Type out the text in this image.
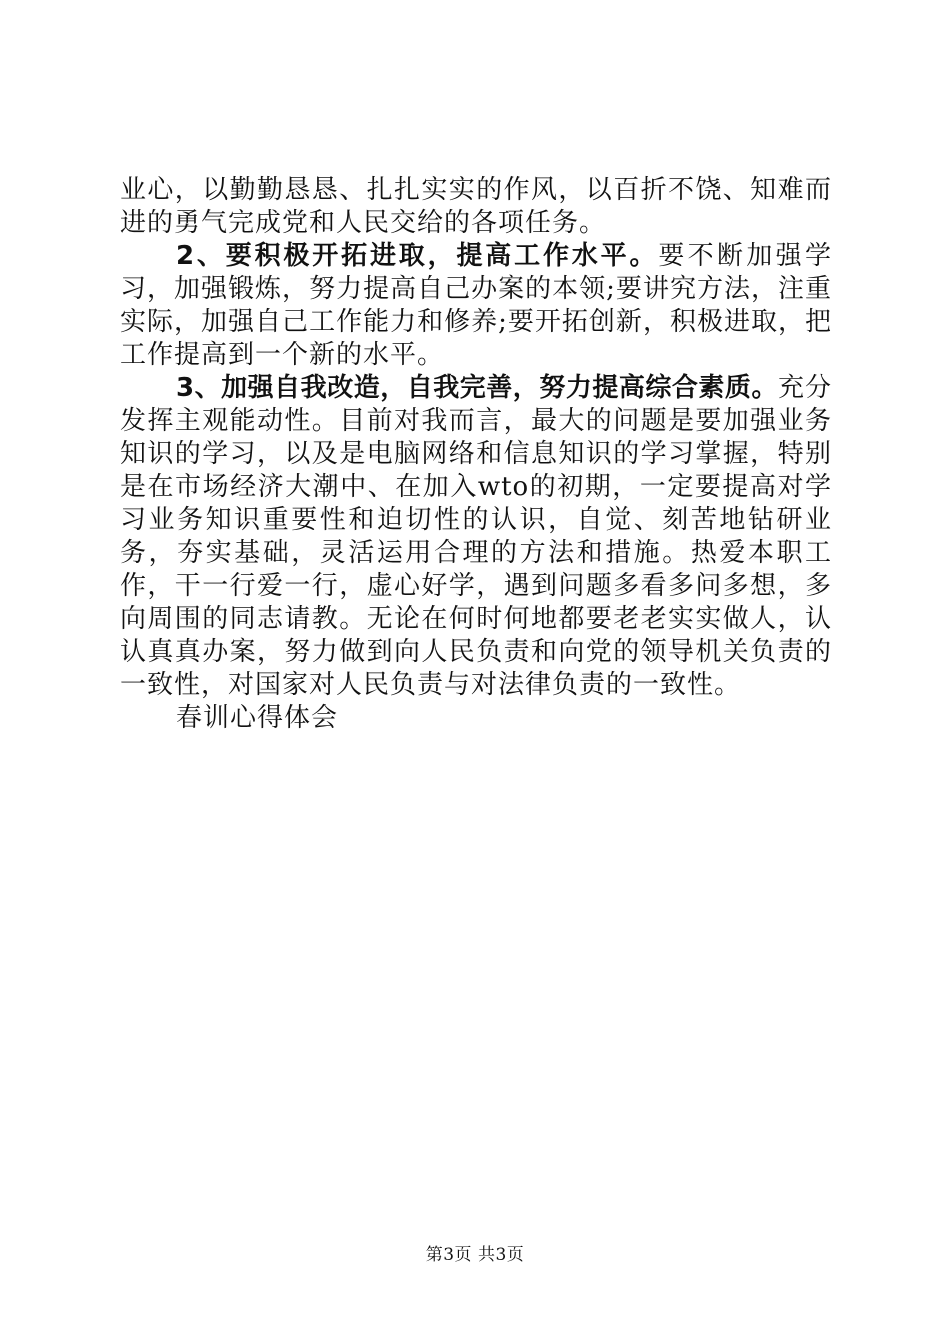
业心，以勤勤恳恳、扎扎实实的作风，以百折不饶、知难而进的勇气完成党和人民交给的各项任务。

2、要积极开拓进取，提高工作水平。要不断加强学习，加强锻炼，努力提高自己办案的本领;要讲究方法，注重实际，加强自己工作能力和修养;要开拓创新，积极进取，把工作提高到一个新的水平。

3、加强自我改造，自我完善，努力提高综合素质。充分发挥主观能动性。目前对我而言，最大的问题是要加强业务知识的学习，以及是电脑网络和信息知识的学习掌握，特别是在市场经济大潮中、在加入wto的初期，一定要提高对学习业务知识重要性和迫切性的认识，自觉、刻苦地钻研业务，夯实基础，灵活运用合理的方法和措施。热爱本职工作，干一行爱一行，虚心好学，遇到问题多看多问多想，多向周围的同志请教。无论在何时何地都要老老实实做人，认认真真办案，努力做到向人民负责和向党的领导机关负责的一致性，对国家对人民负责与对法律负责的一致性。

春训心得体会

第3页 共3页
